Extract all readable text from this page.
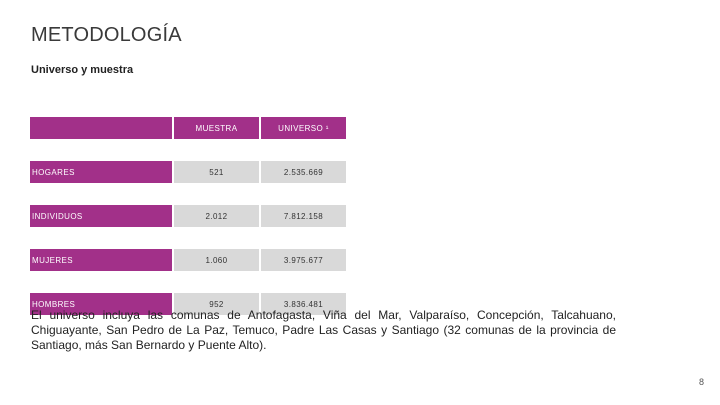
METODOLOGÍA
Universo y muestra
		MUESTRA		UNIVERSO ¹

HOGARES		521		2.535.669

INDIVIDUOS		2.012		7.812.158

MUJERES		1.060		3.975.677

HOMBRES		952		3.836.481

El universo incluya las comunas de Antofagasta, Viña del Mar, Valparaíso, Concepción, Talcahuano, Chiguayante, San Pedro de La Paz, Temuco, Padre Las Casas y Santiago (32 comunas de la provincia de Santiago, más San Bernardo y Puente Alto).

8
